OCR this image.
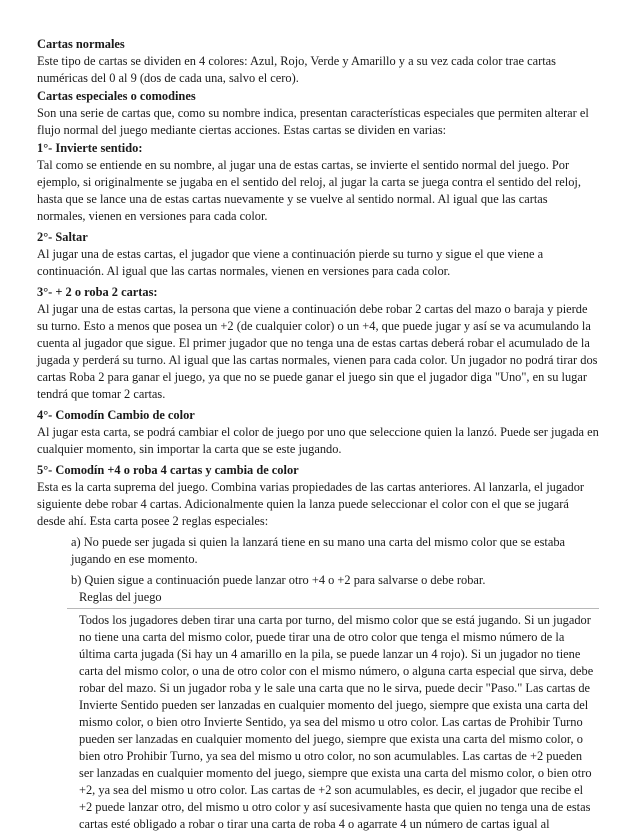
Cartas normales

Este tipo de cartas se dividen en 4 colores: Azul, Rojo, Verde y Amarillo y a su vez cada color trae cartas numéricas del 0 al 9 (dos de cada una, salvo el cero).

Cartas especiales o comodines

Son una serie de cartas que, como su nombre indica, presentan características especiales que permiten alterar el flujo normal del juego mediante ciertas acciones. Estas cartas se dividen en varias:

1°- Invierte sentido:

Tal como se entiende en su nombre, al jugar una de estas cartas, se invierte el sentido normal del juego. Por ejemplo, si originalmente se jugaba en el sentido del reloj, al jugar la carta se juega contra el sentido del reloj, hasta que se lance una de estas cartas nuevamente y se vuelve al sentido normal. Al igual que las cartas normales, vienen en versiones para cada color.

2°- Saltar

Al jugar una de estas cartas, el jugador que viene a continuación pierde su turno y sigue el que viene a continuación. Al igual que las cartas normales, vienen en versiones para cada color.

3°- + 2 o roba 2 cartas:

Al jugar una de estas cartas, la persona que viene a continuación debe robar 2 cartas del mazo o baraja y pierde su turno. Esto a menos que posea un +2 (de cualquier color) o un +4, que puede jugar y así se va acumulando la cuenta al jugador que sigue. El primer jugador que no tenga una de estas cartas deberá robar el acumulado de la jugada y perderá su turno. Al igual que las cartas normales, vienen para cada color. Un jugador no podrá tirar dos cartas Roba 2 para ganar el juego, ya que no se puede ganar el juego sin que el jugador diga "Uno", en su lugar tendrá que tomar 2 cartas.

4°- Comodín Cambio de color

Al jugar esta carta, se podrá cambiar el color de juego por uno que seleccione quien la lanzó. Puede ser jugada en cualquier momento, sin importar la carta que se este jugando.

5°- Comodín +4 o roba 4 cartas y cambia de color

Esta es la carta suprema del juego. Combina varias propiedades de las cartas anteriores. Al lanzarla, el jugador siguiente debe robar 4 cartas. Adicionalmente quien la lanza puede seleccionar el color con el que se jugará desde ahí. Esta carta posee 2 reglas especiales:

a) No puede ser jugada si quien la lanzará tiene en su mano una carta del mismo color que se estaba jugando en ese momento.

b) Quien sigue a continuación puede lanzar otro +4 o +2 para salvarse o debe robar.

Reglas del juego

Todos los jugadores deben tirar una carta por turno, del mismo color que se está jugando. Si un jugador no tiene una carta del mismo color, puede tirar una de otro color que tenga el mismo número de la última carta jugada (Si hay un 4 amarillo en la pila, se puede lanzar un 4 rojo). Si un jugador no tiene carta del mismo color, o una de otro color con el mismo número, o alguna carta especial que sirva, debe robar del mazo. Si un jugador roba y le sale una carta que no le sirva, puede decir "Paso." Las cartas de Invierte Sentido pueden ser lanzadas en cualquier momento del juego, siempre que exista una carta del mismo color, o bien otro Invierte Sentido, ya sea del mismo u otro color. Las cartas de Prohibir Turno pueden ser lanzadas en cualquier momento del juego, siempre que exista una carta del mismo color, o bien otro Prohibir Turno, ya sea del mismo u otro color, no son acumulables. Las cartas de +2 pueden ser lanzadas en cualquier momento del juego, siempre que exista una carta del mismo color, o bien otro +2, ya sea del mismo u otro color. Las cartas de +2 son acumulables, es decir, el jugador que recibe el +2 puede lanzar otro, del mismo u otro color y así sucesivamente hasta que quien no tenga una de estas cartas esté obligado a robar o tirar una carta de roba 4 o agarrate 4 un número de cartas igual al
